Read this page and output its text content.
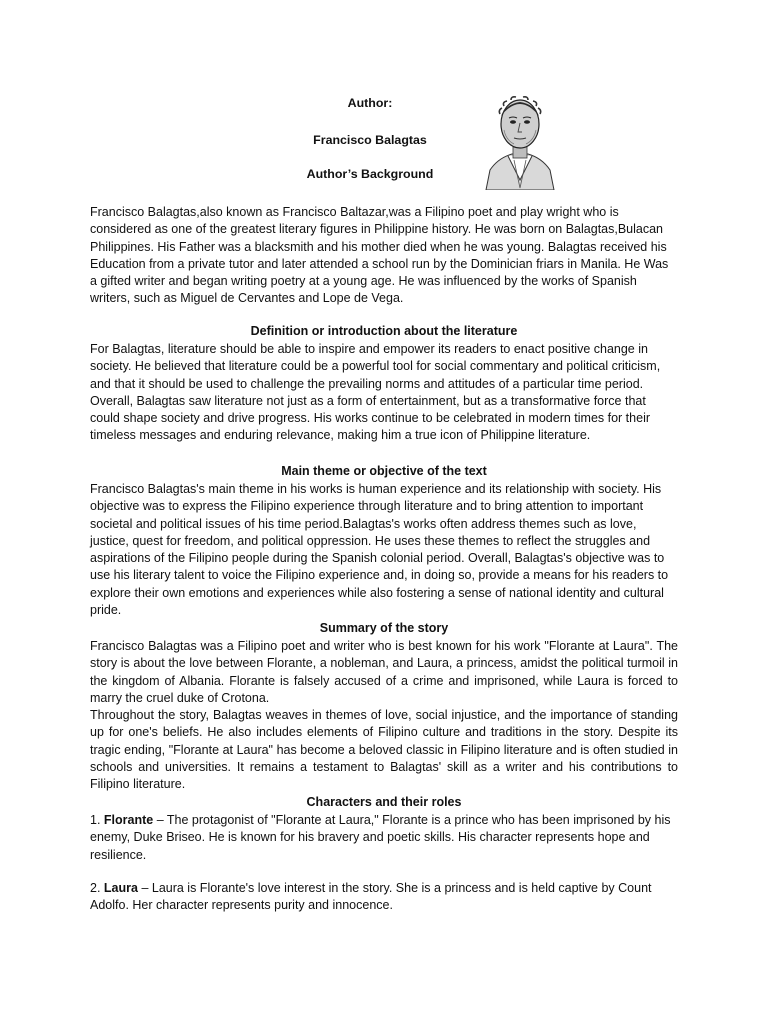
Author:
Francisco Balagtas
Author’s Background

Francisco Balagtas,also known as Francisco Baltazar,was a Filipino poet and play wright who is considered as one of the greatest literary figures in Philippine history. He was born on Balagtas,Bulacan Philippines. His Father was a blacksmith and his mother died when he was young. Balagtas received his Education from a private tutor and later attended a school run by the Dominician friars in Manila. He Was a gifted writer and began writing poetry at a young age. He was influenced by the works of Spanish writers, such as Miguel de Cervantes and Lope de Vega.

Definition or introduction about the literature

For Balagtas, literature should be able to inspire and empower its readers to enact positive change in society. He believed that literature could be a powerful tool for social commentary and political criticism, and that it should be used to challenge the prevailing norms and attitudes of a particular time period. Overall, Balagtas saw literature not just as a form of entertainment, but as a transformative force that could shape society and drive progress. His works continue to be celebrated in modern times for their timeless messages and enduring relevance, making him a true icon of Philippine literature.

Main theme or objective of the text

Francisco Balagtas's main theme in his works is human experience and its relationship with society. His objective was to express the Filipino experience through literature and to bring attention to important societal and political issues of his time period.Balagtas's works often address themes such as love, justice, quest for freedom, and political oppression. He uses these themes to reflect the struggles and aspirations of the Filipino people during the Spanish colonial period. Overall, Balagtas's objective was to use his literary talent to voice the Filipino experience and, in doing so, provide a means for his readers to explore their own emotions and experiences while also fostering a sense of national identity and cultural pride.

Summary of the story

Francisco Balagtas was a Filipino poet and writer who is best known for his work "Florante at Laura". The story is about the love between Florante, a nobleman, and Laura, a princess, amidst the political turmoil in the kingdom of Albania. Florante is falsely accused of a crime and imprisoned, while Laura is forced to marry the cruel duke of Crotona.

Throughout the story, Balagtas weaves in themes of love, social injustice, and the importance of standing up for one's beliefs. He also includes elements of Filipino culture and traditions in the story. Despite its tragic ending, "Florante at Laura" has become a beloved classic in Filipino literature and is often studied in schools and universities. It remains a testament to Balagtas' skill as a writer and his contributions to Filipino literature.

Characters and their roles

1. Florante – The protagonist of "Florante at Laura," Florante is a prince who has been imprisoned by his enemy, Duke Briseo. He is known for his bravery and poetic skills. His character represents hope and resilience.

2. Laura – Laura is Florante's love interest in the story. She is a princess and is held captive by Count Adolfo. Her character represents purity and innocence.
